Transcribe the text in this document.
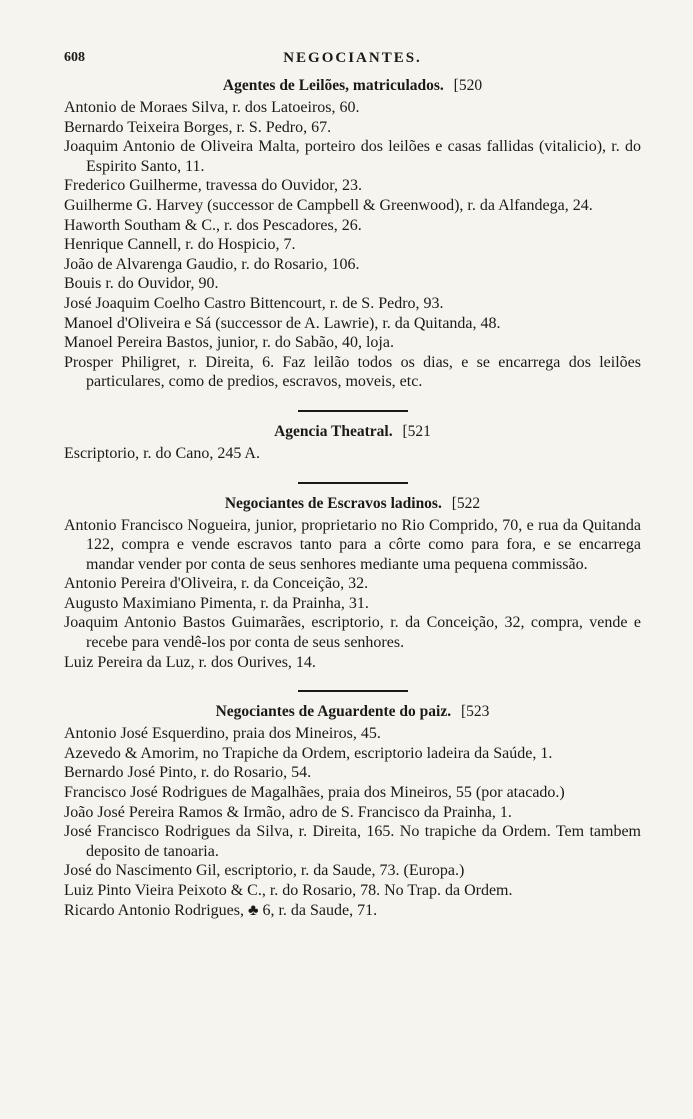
608	NEGOCIANTES.
Agentes de Leilões, matriculados. [520
Antonio de Moraes Silva, r. dos Latoeiros, 60.
Bernardo Teixeira Borges, r. S. Pedro, 67.
Joaquim Antonio de Oliveira Malta, porteiro dos leilões e casas fallidas (vitalicio), r. do Espirito Santo, 11.
Frederico Guilherme, travessa do Ouvidor, 23.
Guilherme G. Harvey (successor de Campbell & Greenwood), r. da Alfandega, 24.
Haworth Southam & C., r. dos Pescadores, 26.
Henrique Cannell, r. do Hospicio, 7.
João de Alvarenga Gaudio, r. do Rosario, 106.
Bouis r. do Ouvidor, 90.
José Joaquim Coelho Castro Bittencourt, r. de S. Pedro, 93.
Manoel d'Oliveira e Sá (successor de A. Lawrie), r. da Quitanda, 48.
Manoel Pereira Bastos, junior, r. do Sabão, 40, loja.
Prosper Philigret, r. Direita, 6. Faz leilão todos os dias, e se encarrega dos leilões particulares, como de predios, escravos, moveis, etc.
Agencia Theatral. [521
Escriptorio, r. do Cano, 245 A.
Negociantes de Escravos ladinos. [522
Antonio Francisco Nogueira, junior, proprietario no Rio Comprido, 70, e rua da Quitanda 122, compra e vende escravos tanto para a côrte como para fora, e se encarrega mandar vender por conta de seus senhores mediante uma pequena commissão.
Antonio Pereira d'Oliveira, r. da Conceição, 32.
Augusto Maximiano Pimenta, r. da Prainha, 31.
Joaquim Antonio Bastos Guimarães, escriptorio, r. da Conceição, 32, compra, vende e recebe para vendê-los por conta de seus senhores.
Luiz Pereira da Luz, r. dos Ourives, 14.
Negociantes de Aguardente do paiz. [523
Antonio José Esquerdino, praia dos Mineiros, 45.
Azevedo & Amorim, no Trapiche da Ordem, escriptorio ladeira da Saúde, 1.
Bernardo José Pinto, r. do Rosario, 54.
Francisco José Rodrigues de Magalhães, praia dos Mineiros, 55 (por atacado.)
João José Pereira Ramos & Irmão, adro de S. Francisco da Prainha, 1.
José Francisco Rodrigues da Silva, r. Direita, 165. No trapiche da Ordem. Tem tambem deposito de tanoaria.
José do Nascimento Gil, escriptorio, r. da Saude, 73. (Europa.)
Luiz Pinto Vieira Peixoto & C., r. do Rosario, 78. No Trap. da Ordem.
Ricardo Antonio Rodrigues, ♣ 6, r. da Saude, 71.
